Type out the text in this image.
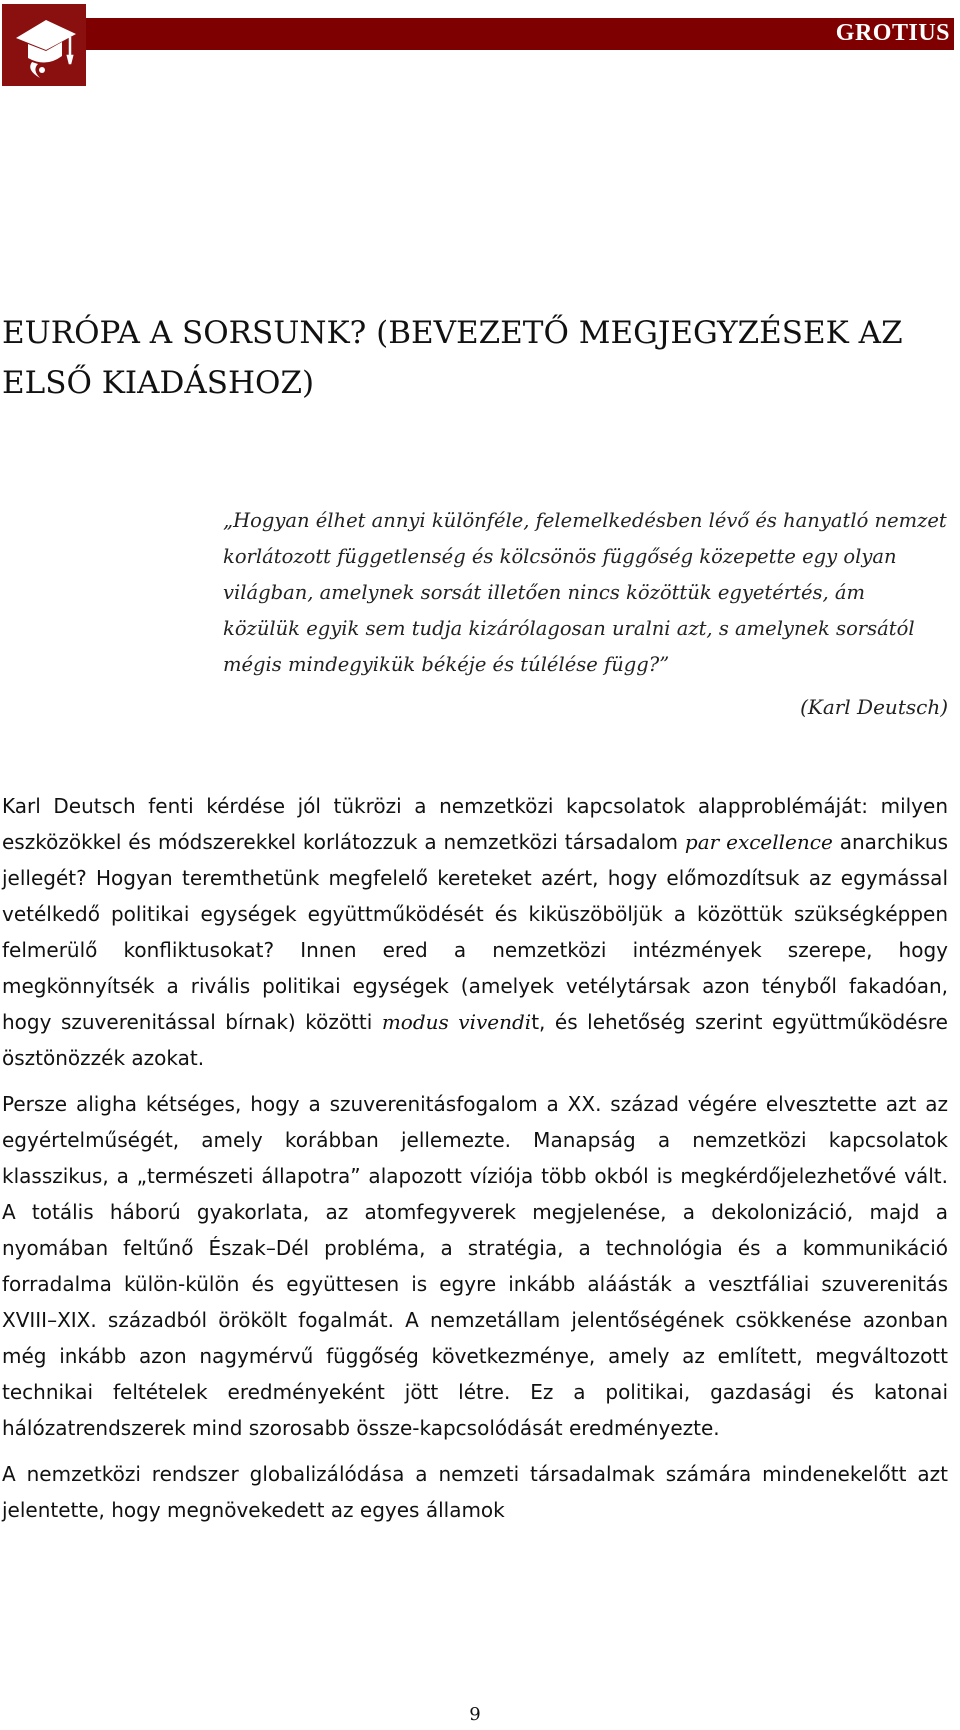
GROTIUS
EURÓPA A SORSUNK? (BEVEZETŐ MEGJEGYZÉSEK AZ ELSŐ KIADÁSHOZ)

„Hogyan élhet annyi különféle, felemelkedésben lévő és hanyatló nemzet korlátozott függetlenség és kölcsönös függőség közepette egy olyan világban, amelynek sorsát illetően nincs közöttük egyetértés, ám közülük egyik sem tudja kizárólagosan uralni azt, s amelynek sorsától mégis mindegyikük békéje és túlélése függ?”

(Karl Deutsch)

Karl Deutsch fenti kérdése jól tükrözi a nemzetközi kapcsolatok alapproblémáját: milyen eszközökkel és módszerekkel korlátozzuk a nemzetközi társadalom par excellence anarchikus jellegét? Hogyan teremthetünk megfelelő kereteket azért, hogy előmozdítsuk az egymással vetélkedő politikai egységek együttműködését és kiküszöböljük a közöttük szükségképpen felmerülő konfliktusokat? Innen ered a nemzetközi intézmények szerepe, hogy megkönnyítsék a rivális politikai egységek (amelyek vetélytársak azon tényből fakadóan, hogy szuverenitással bírnak) közötti modus vivendit, és lehetőség szerint együttműködésre ösztönözzék azokat.

Persze aligha kétséges, hogy a szuverenitásfogalom a XX. század végére elvesztette azt az egyértelműségét, amely korábban jellemezte. Manapság a nemzetközi kapcsolatok klasszikus, a „természeti állapotra” alapozott víziója több okból is megkérdőjelezhetővé vált. A totális háború gyakorlata, az atomfegyverek megjelenése, a dekolonizáció, majd a nyomában feltűnő Észak–Dél probléma, a stratégia, a technológia és a kommunikáció forradalma külön-külön és együttesen is egyre inkább aláásták a vesztfáliai szuverenitás XVIII–XIX. századból örökölt fogalmát. A nemzetállam jelentőségének csökkenése azonban még inkább azon nagymérvű függőség következménye, amely az említett, megváltozott technikai feltételek eredményeként jött létre. Ez a politikai, gazdasági és katonai hálózatrendszerek mind szorosabb össze-kapcsolódását eredményezte.

A nemzetközi rendszer globalizálódása a nemzeti társadalmak számára mindenekelőtt azt jelentette, hogy megnövekedett az egyes államok

9
